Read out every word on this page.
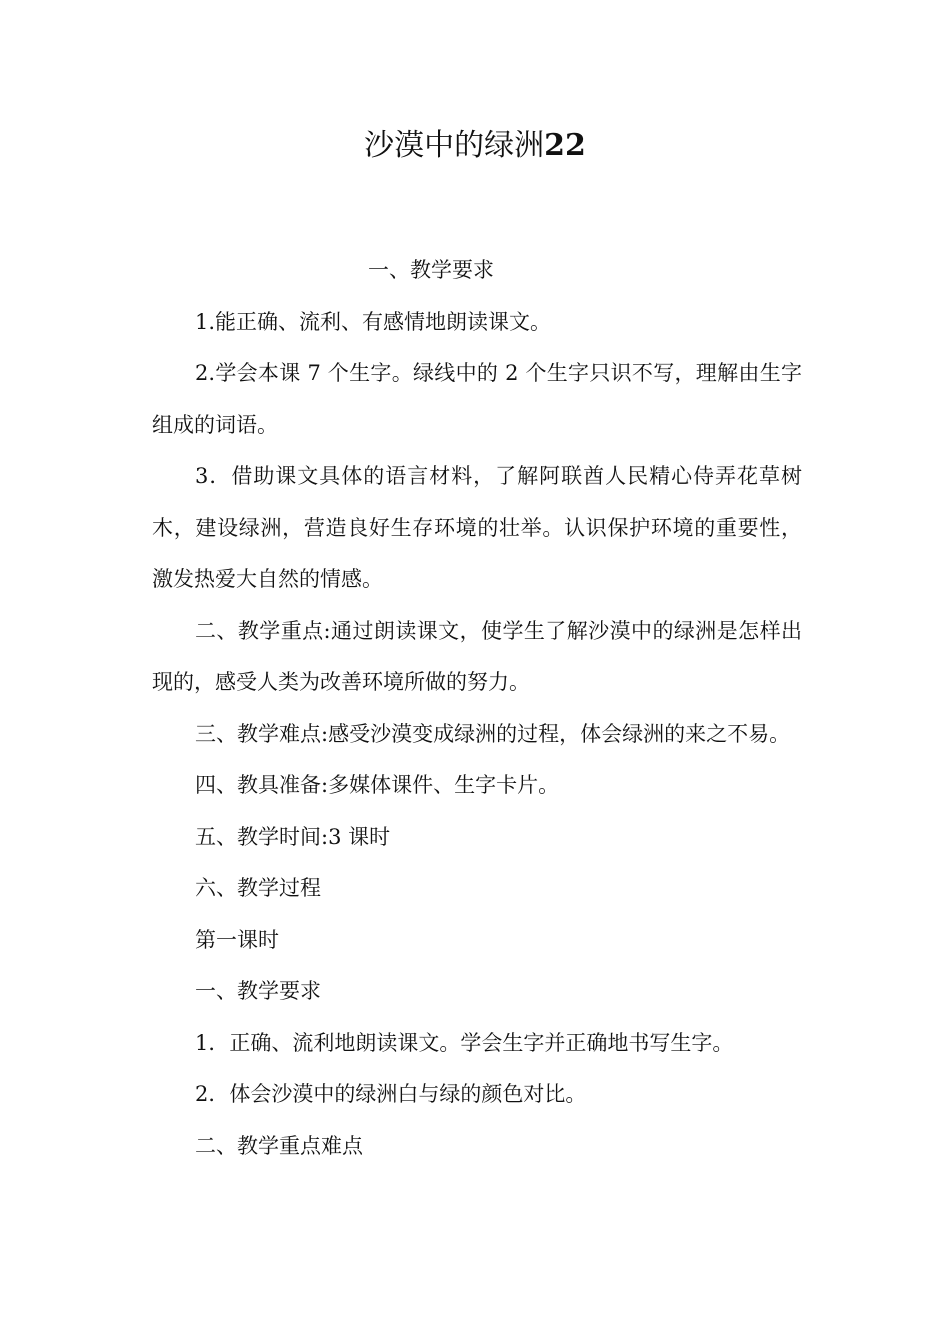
沙漠中的绿洲22

一、教学要求

1.能正确、流利、有感情地朗读课文。

2.学会本课 7 个生字。绿线中的 2 个生字只识不写，理解由生字组成的词语。

3．借助课文具体的语言材料，了解阿联酋人民精心侍弄花草树木，建设绿洲，营造良好生存环境的壮举。认识保护环境的重要性，激发热爱大自然的情感。

二、教学重点:通过朗读课文，使学生了解沙漠中的绿洲是怎样出现的，感受人类为改善环境所做的努力。

三、教学难点:感受沙漠变成绿洲的过程，体会绿洲的来之不易。

四、教具准备:多媒体课件、生字卡片。

五、教学时间:3 课时

六、教学过程

第一课时

一、教学要求

1．正确、流利地朗读课文。学会生字并正确地书写生字。

2．体会沙漠中的绿洲白与绿的颜色对比。

二、教学重点难点
